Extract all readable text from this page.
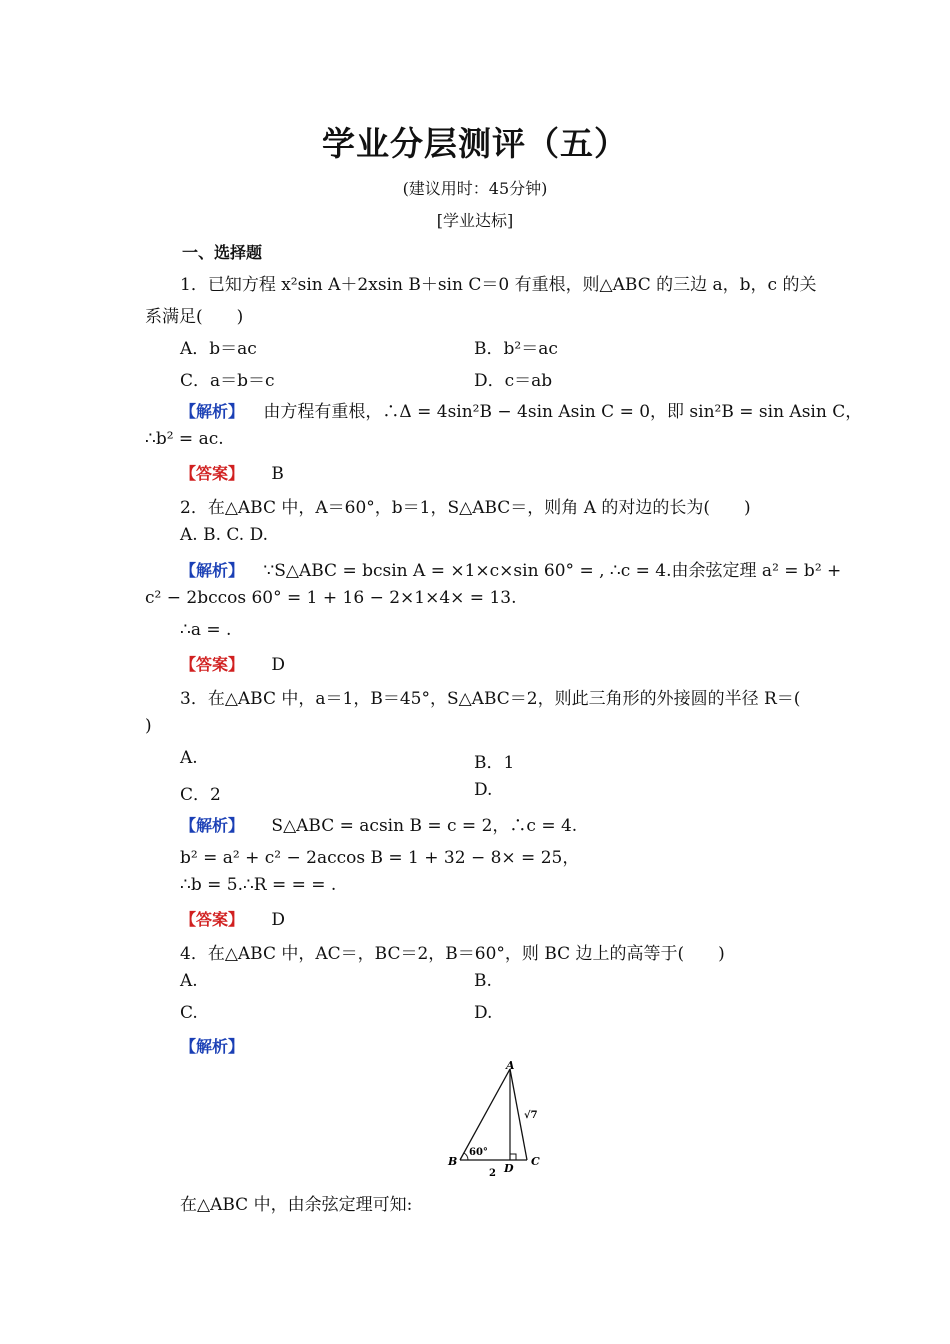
学业分层测评（五）
(建议用时：45分钟)
[学业达标]
一、选择题
1．已知方程 x²sin A＋2xsin B＋sin C＝0 有重根，则△ABC 的三边 a，b，c 的关
系满足(　　)
A．b＝ac	B．b²＝ac
C．a＝b＝c	D．c＝ab
【解析】 由方程有重根，∴Δ = 4sin²B − 4sin Asin C = 0，即 sin²B = sin Asin C，
∴b² = ac.
【答案】 B
2．在△ABC 中，A＝60°，b＝1，S△ABC＝，则角 A 的对边的长为(　　)
A. B. C. D.
【解析】 ∵S△ABC = bcsin A = ×1×c×sin 60° = , ∴c = 4.由余弦定理 a² = b² +
c² − 2bccos 60° = 1 + 16 − 2×1×4× = 13.
∴a = .
【答案】 D
3．在△ABC 中，a＝1，B＝45°，S△ABC＝2，则此三角形的外接圆的半径 R＝(
)
A.	B．1
C．2	D.
【解析】 S△ABC = acsin B = c = 2，∴c = 4.
b² = a² + c² − 2accos B = 1 + 32 − 8× = 25，
∴b = 5.∴R = = = .
【答案】 D
4．在△ABC 中，AC＝，BC＝2，B＝60°，则 BC 边上的高等于(　　)
A.	B.
C.	D.
【解析】
A
B	C
D
60°
2
√7
在△ABC 中，由余弦定理可知:
